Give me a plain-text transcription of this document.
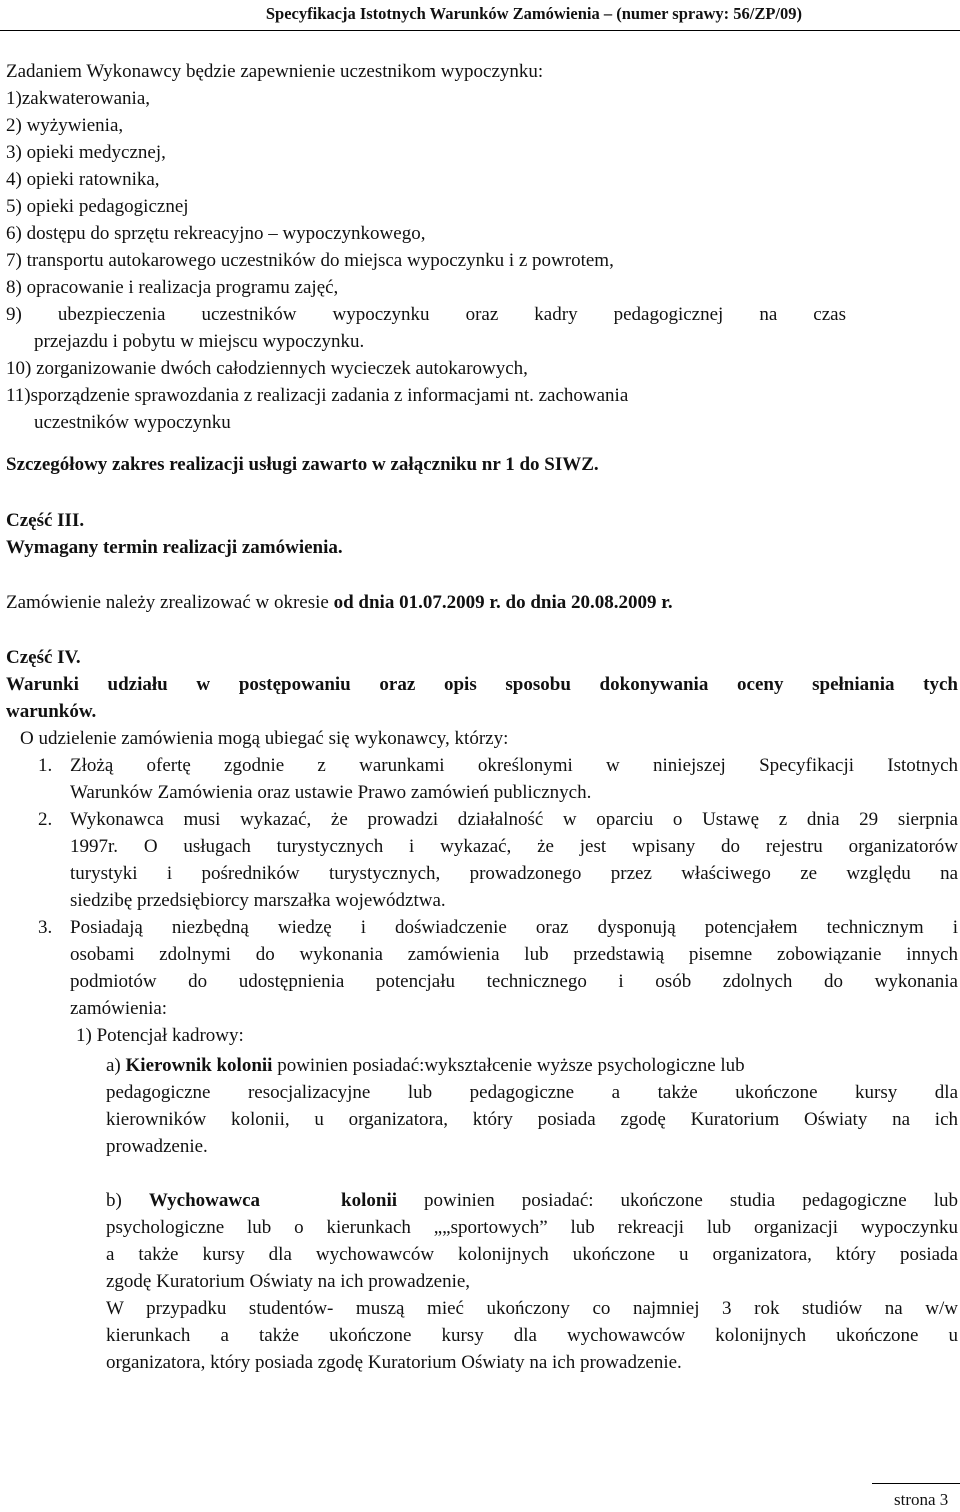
Specyfikacja Istotnych Warunków Zamówienia – (numer sprawy: 56/ZP/09)
Zadaniem Wykonawcy będzie zapewnienie uczestnikom wypoczynku:
1)zakwaterowania,
2) wyżywienia,
3) opieki medycznej,
4) opieki ratownika,
5) opieki pedagogicznej
6) dostępu do sprzętu rekreacyjno – wypoczynkowego,
7) transportu autokarowego uczestników do miejsca wypoczynku i z powrotem,
8) opracowanie i realizacja programu zajęć,
9) ubezpieczenia uczestników wypoczynku oraz kadry pedagogicznej na czas
przejazdu i pobytu w miejscu wypoczynku.
10) zorganizowanie dwóch całodziennych wycieczek autokarowych,
11)sporządzenie sprawozdania z realizacji zadania z informacjami nt. zachowania
uczestników wypoczynku
Szczegółowy zakres realizacji usługi zawarto w załączniku nr 1 do SIWZ.
Część III.
Wymagany termin realizacji zamówienia.
Zamówienie należy zrealizować w okresie od dnia 01.07.2009 r. do dnia 20.08.2009 r.
Część IV.
Warunki udziału w postępowaniu oraz opis sposobu dokonywania oceny spełniania tych
warunków.
O udzielenie zamówienia mogą ubiegać się wykonawcy, którzy:
1. Złożą ofertę zgodnie z warunkami określonymi w niniejszej Specyfikacji Istotnych
Warunków Zamówienia oraz ustawie Prawo zamówień publicznych.
2. Wykonawca musi wykazać, że prowadzi działalność w oparciu o Ustawę z dnia 29 sierpnia
1997r. O usługach turystycznych i wykazać, że jest wpisany do rejestru organizatorów
turystyki i pośredników turystycznych, prowadzonego przez właściwego ze względu na
siedzibę przedsiębiorcy marszałka województwa.
3. Posiadają niezbędną wiedzę i doświadczenie oraz dysponują potencjałem technicznym i
osobami zdolnymi do wykonania zamówienia lub przedstawią pisemne zobowiązanie innych
podmiotów do udostępnienia potencjału technicznego i osób zdolnych do wykonania
zamówienia:
1) Potencjał kadrowy:
a) Kierownik kolonii powinien posiadać:wykształcenie wyższe psychologiczne lub
pedagogiczne resocjalizacyjne lub pedagogiczne a także ukończone kursy dla
kierowników kolonii, u organizatora, który posiada zgodę Kuratorium Oświaty na ich
prowadzenie.
b) Wychowawca   kolonii powinien posiadać: ukończone studia pedagogiczne lub
psychologiczne lub o kierunkach „„sportowych” lub rekreacji lub organizacji wypoczynku
a także kursy dla wychowawców kolonijnych ukończone u organizatora, który posiada
zgodę Kuratorium Oświaty na ich prowadzenie,
W przypadku studentów- muszą mieć ukończony co najmniej 3 rok studiów na w/w
kierunkach a także ukończone kursy dla wychowawców kolonijnych ukończone u
organizatora, który posiada zgodę Kuratorium Oświaty na ich prowadzenie.
strona 3
